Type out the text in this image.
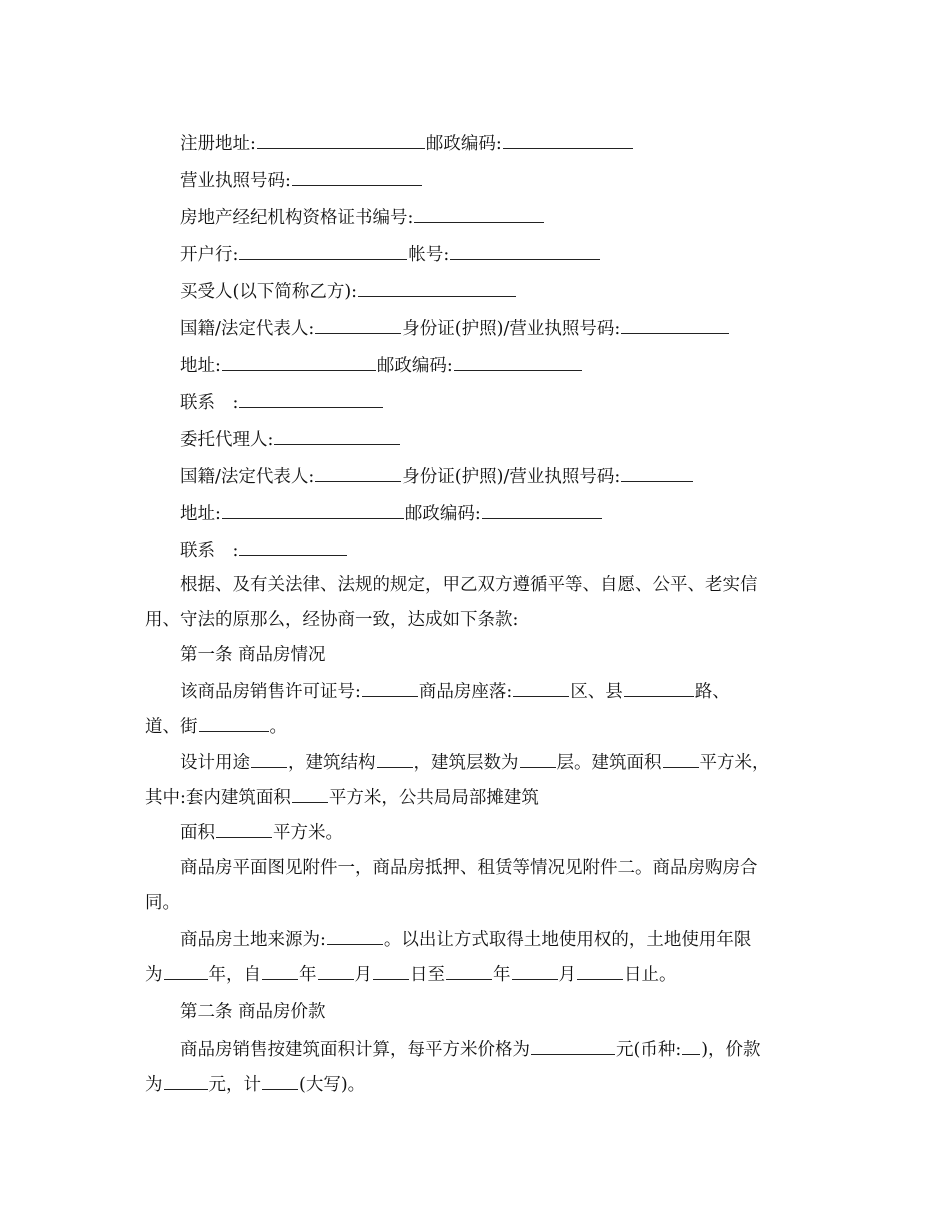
注册地址:	邮政编码:
营业执照号码:
房地产经纪机构资格证书编号:
开户行:	帐号:
买受人(以下简称乙方):
国籍/法定代表人:	身份证(护照)/营业执照号码:
地址:	邮政编码:
联系　:
委托代理人:
国籍/法定代表人:	身份证(护照)/营业执照号码:
地址:	邮政编码:
联系　:
根据、及有关法律、法规的规定，甲乙双方遵循平等、自愿、公平、老实信
用、守法的原那么，经协商一致，达成如下条款:
第一条 商品房情况
该商品房销售许可证号:	商品房座落:	区、县	路、
道、街	。
设计用途 ，建筑结构 ，建筑层数为 层。建筑面积 平方米，
其中:套内建筑面积 平方米，公共局局部摊建筑
面积	平方米。
商品房平面图见附件一，商品房抵押、租赁等情况见附件二。商品房购房合
同。
商品房土地来源为:	。以出让方式取得土地使用权的，土地使用年限
为	年，自 年 月 日至	年	月	日止。
第二条 商品房价款
商品房销售按建筑面积计算，每平方米价格为	元(币种: )，价款
为	元，计 (大写)。
